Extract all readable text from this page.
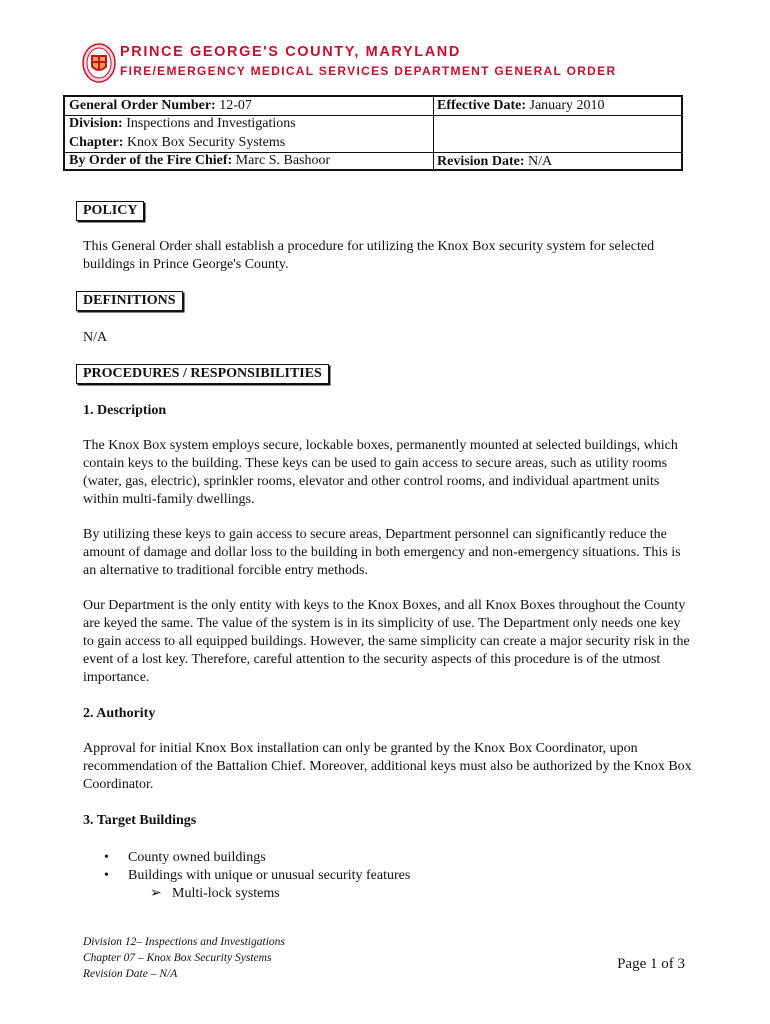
PRINCE GEORGE'S COUNTY, MARYLAND
FIRE/EMERGENCY MEDICAL SERVICES DEPARTMENT GENERAL ORDER
General Order Number: 12-07
Division: Inspections and Investigations
Chapter: Knox Box Security Systems
By Order of the Fire Chief: Marc S. Bashoor
Effective Date: January 2010
Revision Date: N/A
POLICY

This General Order shall establish a procedure for utilizing the Knox Box security system for selected buildings in Prince George's County.

DEFINITIONS

N/A

PROCEDURES / RESPONSIBILITIES
1. Description

The Knox Box system employs secure, lockable boxes, permanently mounted at selected buildings, which contain keys to the building. These keys can be used to gain access to secure areas, such as utility rooms (water, gas, electric), sprinkler rooms, elevator and other control rooms, and individual apartment units within multi-family dwellings.

By utilizing these keys to gain access to secure areas, Department personnel can significantly reduce the amount of damage and dollar loss to the building in both emergency and non-emergency situations. This is an alternative to traditional forcible entry methods.

Our Department is the only entity with keys to the Knox Boxes, and all Knox Boxes throughout the County are keyed the same. The value of the system is in its simplicity of use. The Department only needs one key to gain access to all equipped buildings. However, the same simplicity can create a major security risk in the event of a lost key. Therefore, careful attention to the security aspects of this procedure is of the utmost importance.

2. Authority

Approval for initial Knox Box installation can only be granted by the Knox Box Coordinator, upon recommendation of the Battalion Chief. Moreover, additional keys must also be authorized by the Knox Box Coordinator.

3. Target Buildings
• County owned buildings
• Buildings with unique or unusual security features
➢ Multi-lock systems
Division 12– Inspections and Investigations
Chapter 07 – Knox Box Security Systems
Revision Date – N/A
Page 1 of 3
